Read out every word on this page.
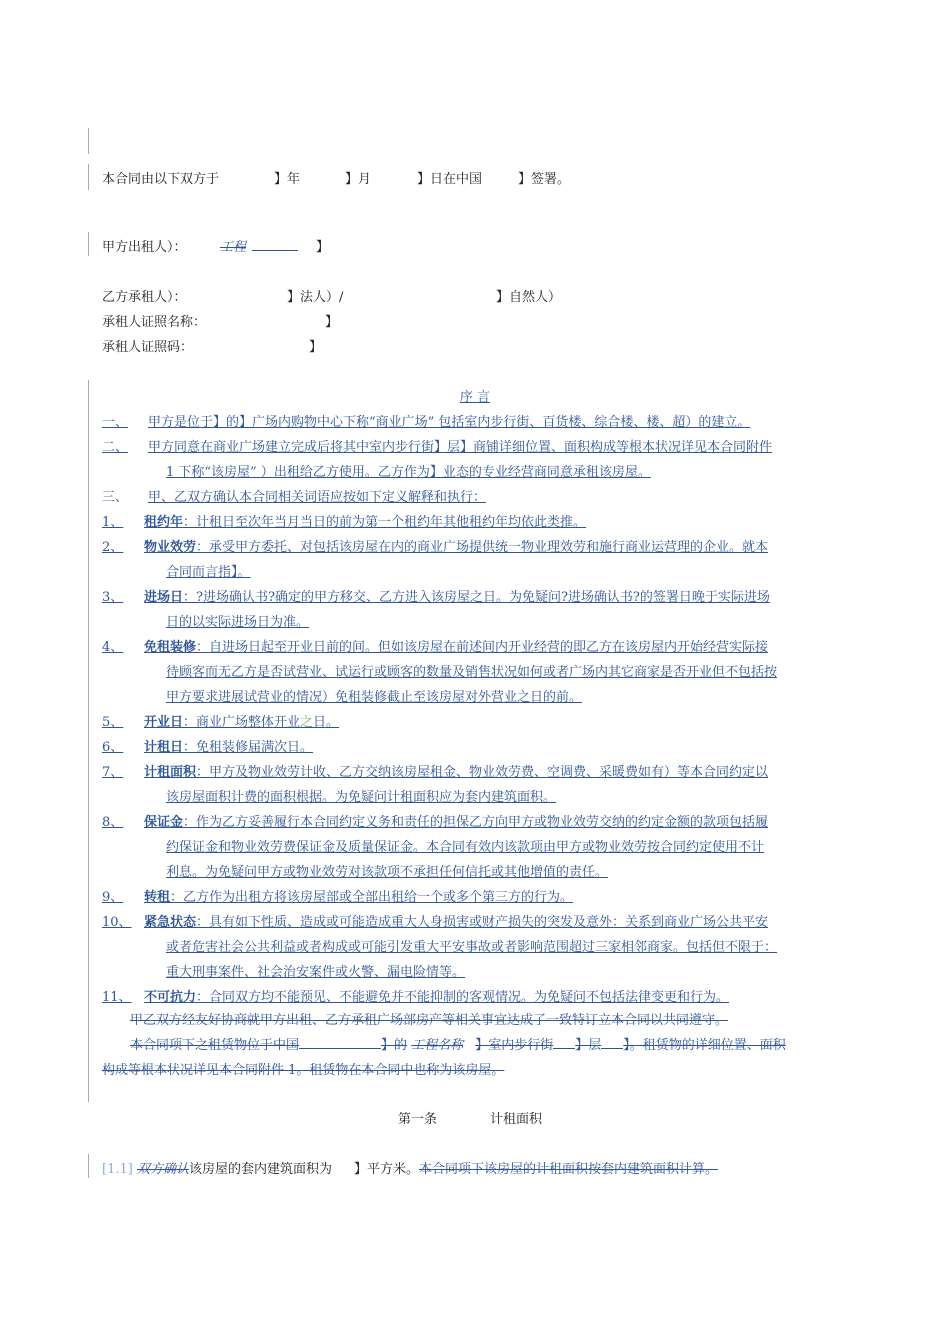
本合同由以下双方于	】年	】月	】日在中国	】签署。
甲方出租人）：	工程	】
乙方承租人）：	】法人）/	】自然人）
承租人证照名称：	】
承租人证照码：	】
序 言
一、 甲方是位于】的】广场内购物中心下称“商业广场” 包括室内步行街、百货楼、综合楼、楼、超）的建立。
二、 甲方同意在商业广场建立完成后将其中室内步行街】层】商铺详细位置、面积构成等根本状况详见本合同附件
1 下称“该房屋” ）出租给乙方使用。乙方作为】业态的专业经营商同意承租该房屋。
三、 甲、乙双方确认本合同相关词语应按如下定义解释和执行：
1、 租约年：计租日至次年当月当日的前为第一个租约年其他租约年均依此类推。
2、 物业效劳：承受甲方委托、对包括该房屋在内的商业广场提供统一物业理效劳和施行商业运营理的企业。就本
合同而言指】。
3、 进场日：?进场确认书?确定的甲方移交、乙方进入该房屋之日。为免疑问?进场确认书?的签署日晚于实际进场
日的以实际进场日为准。
4、 免租装修：自进场日起至开业日前的间。但如该房屋在前述间内开业经营的即乙方在该房屋内开始经营实际接
待顾客而无乙方是否试营业、试运行或顾客的数量及销售状况如何或者广场内其它商家是否开业但不包括按
甲方要求进展试营业的情况）免租装修截止至该房屋对外营业之日的前。
5、 开业日：商业广场整体开业之日。
6、 计租日：免租装修届满次日。
7、 计租面积：甲方及物业效劳计收、乙方交纳该房屋租金、物业效劳费、空调费、采暖费如有）等本合同约定以
该房屋面积计费的面积根据。为免疑问计租面积应为套内建筑面积。
8、 保证金：作为乙方妥善履行本合同约定义务和责任的担保乙方向甲方或物业效劳交纳的约定金额的款项包括履
约保证金和物业效劳费保证金及质量保证金。本合同有效内该款项由甲方或物业效劳按合同约定使用不计
利息。为免疑问甲方或物业效劳对该款项不承担任何信托或其他增值的责任。
9、 转租：乙方作为出租方将该房屋部或全部出租给一个或多个第三方的行为。
10、 紧急状态：具有如下性质、造成或可能造成重大人身损害或财产损失的突发及意外：关系到商业广场公共平安
或者危害社会公共利益或者构成或可能引发重大平安事故或者影响范围超过三家相邻商家。包括但不限于：
重大刑事案件、社会治安案件或火警、漏电险情等。
11、 不可抗力：合同双方均不能预见、不能避免并不能抑制的客观情况。为免疑问不包括法律变更和行为。
甲乙双方经友好协商就甲方出租、乙方承租广场部房产等相关事宜达成了一致特订立本合同以共同遵守。
本合同项下之租赁物位于中国	】的 工程名称 】室内步行街 】层 】。租赁物的详细位置、面积
构成等根本状况详见本合同附件 1。租赁物在本合同中也称为该房屋。
第一条	计租面积
[1.1] 双方确认该房屋的套内建筑面积为 】平方米。本合同项下该房屋的计租面积按套内建筑面积计算。
